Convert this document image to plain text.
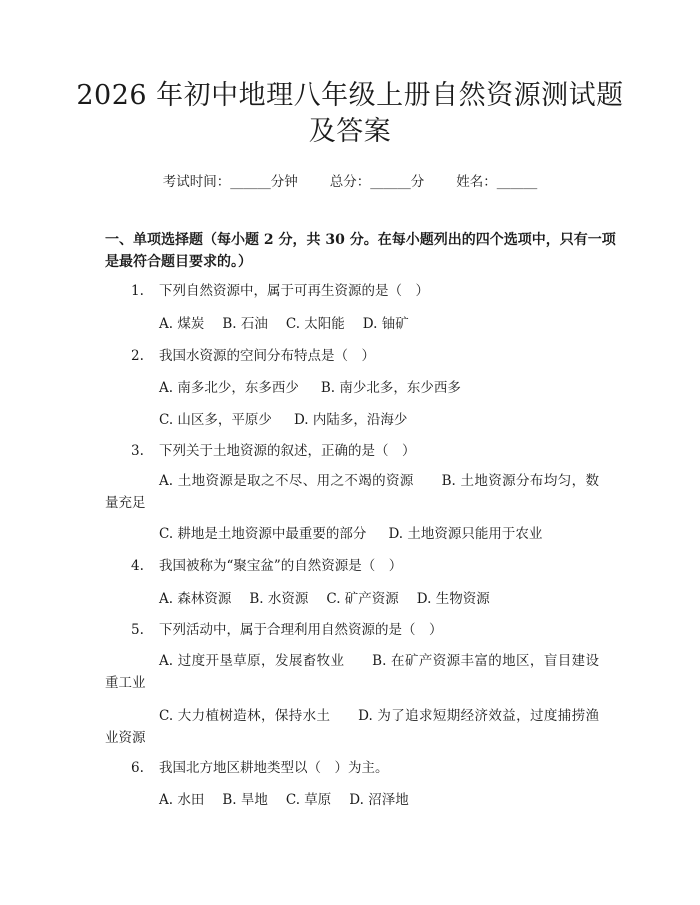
2026 年初中地理八年级上册自然资源测试题
及答案
考试时间：______分钟 总分：______分 姓名：______
一、单项选择题（每小题 2 分，共 30 分。在每小题列出的四个选项中，只有一项
是最符合题目要求的。）
1. 下列自然资源中，属于可再生资源的是（　）
A. 煤炭 B. 石油 C. 太阳能 D. 铀矿
2. 我国水资源的空间分布特点是（　）
A. 南多北少，东多西少 B. 南少北多，东少西多
C. 山区多，平原少 D. 内陆多，沿海少
3. 下列关于土地资源的叙述，正确的是（　）
A. 土地资源是取之不尽、用之不竭的资源　　B. 土地资源分布均匀，数
量充足
C. 耕地是土地资源中最重要的部分 D. 土地资源只能用于农业
4. 我国被称为“聚宝盆”的自然资源是（　）
A. 森林资源 B. 水资源 C. 矿产资源 D. 生物资源
5. 下列活动中，属于合理利用自然资源的是（　）
A. 过度开垦草原，发展畜牧业　　B. 在矿产资源丰富的地区，盲目建设
重工业
C. 大力植树造林，保持水土　　D. 为了追求短期经济效益，过度捕捞渔
业资源
6. 我国北方地区耕地类型以（　）为主。
A. 水田 B. 旱地 C. 草原 D. 沼泽地
